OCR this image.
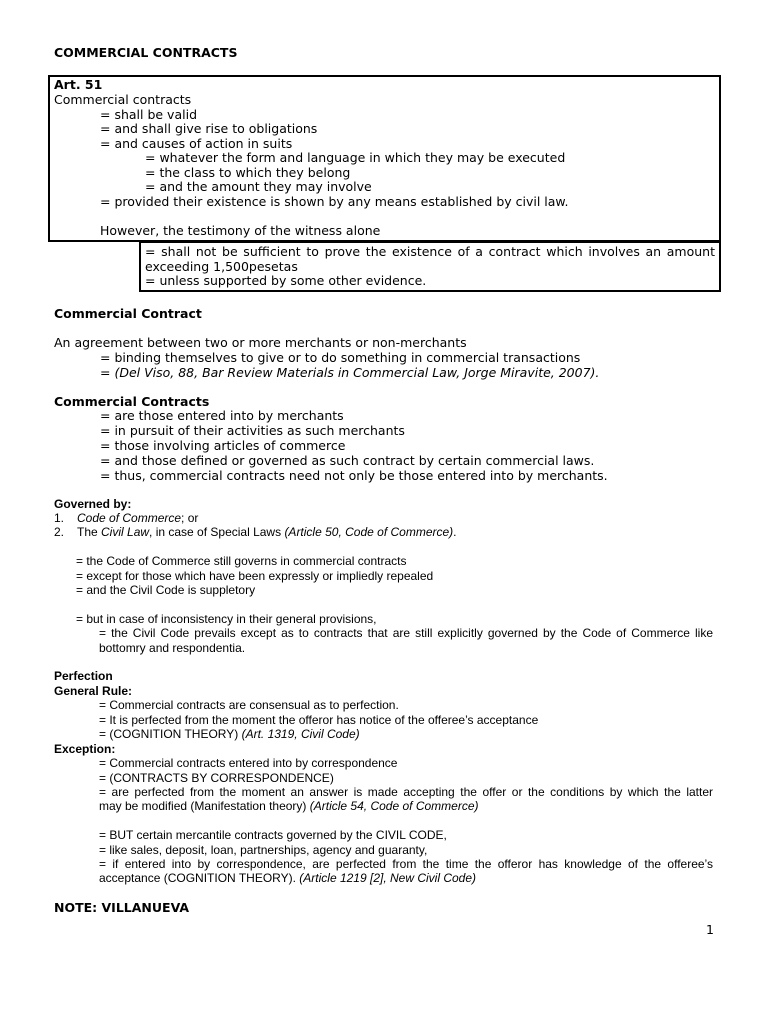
COMMERCIAL CONTRACTS
Art. 51
Commercial contracts
= shall be valid
= and shall give rise to obligations
= and causes of action in suits
= whatever the form and language in which they may be executed
= the class to which they belong
= and the amount they may involve
= provided their existence is shown by any means established by civil law.
However, the testimony of the witness alone
= shall not be sufficient to prove the existence of a contract which involves an amount
exceeding 1,500pesetas
= unless supported by some other evidence.
Commercial Contract
An agreement between two or more merchants or non-merchants
= binding themselves to give or to do something in commercial transactions
= (Del Viso, 88, Bar Review Materials in Commercial Law, Jorge Miravite, 2007).
Commercial Contracts
= are those entered into by merchants
= in pursuit of their activities as such merchants
= those involving articles of commerce
= and those defined or governed as such contract by certain commercial laws.
= thus, commercial contracts need not only be those entered into by merchants.
Governed by:
1. Code of Commerce; or
2. The Civil Law, in case of Special Laws (Article 50, Code of Commerce).
= the Code of Commerce still governs in commercial contracts
= except for those which have been expressly or impliedly repealed
= and the Civil Code is suppletory
= but in case of inconsistency in their general provisions,
= the Civil Code prevails except as to contracts that are still explicitly governed by the Code of Commerce like
bottomry and respondentia.
Perfection
General Rule:
= Commercial contracts are consensual as to perfection.
= It is perfected from the moment the offeror has notice of the offeree’s acceptance
= (COGNITION THEORY) (Art. 1319, Civil Code)
Exception:
= Commercial contracts entered into by correspondence
= (CONTRACTS BY CORRESPONDENCE)
= are perfected from the moment an answer is made accepting the offer or the conditions by which the latter
may be modified (Manifestation theory) (Article 54, Code of Commerce)
= BUT certain mercantile contracts governed by the CIVIL CODE,
= like sales, deposit, loan, partnerships, agency and guaranty,
= if entered into by correspondence, are perfected from the time the offeror has knowledge of the offeree’s
acceptance (COGNITION THEORY). (Article 1219 [2], New Civil Code)
NOTE: VILLANUEVA
1
